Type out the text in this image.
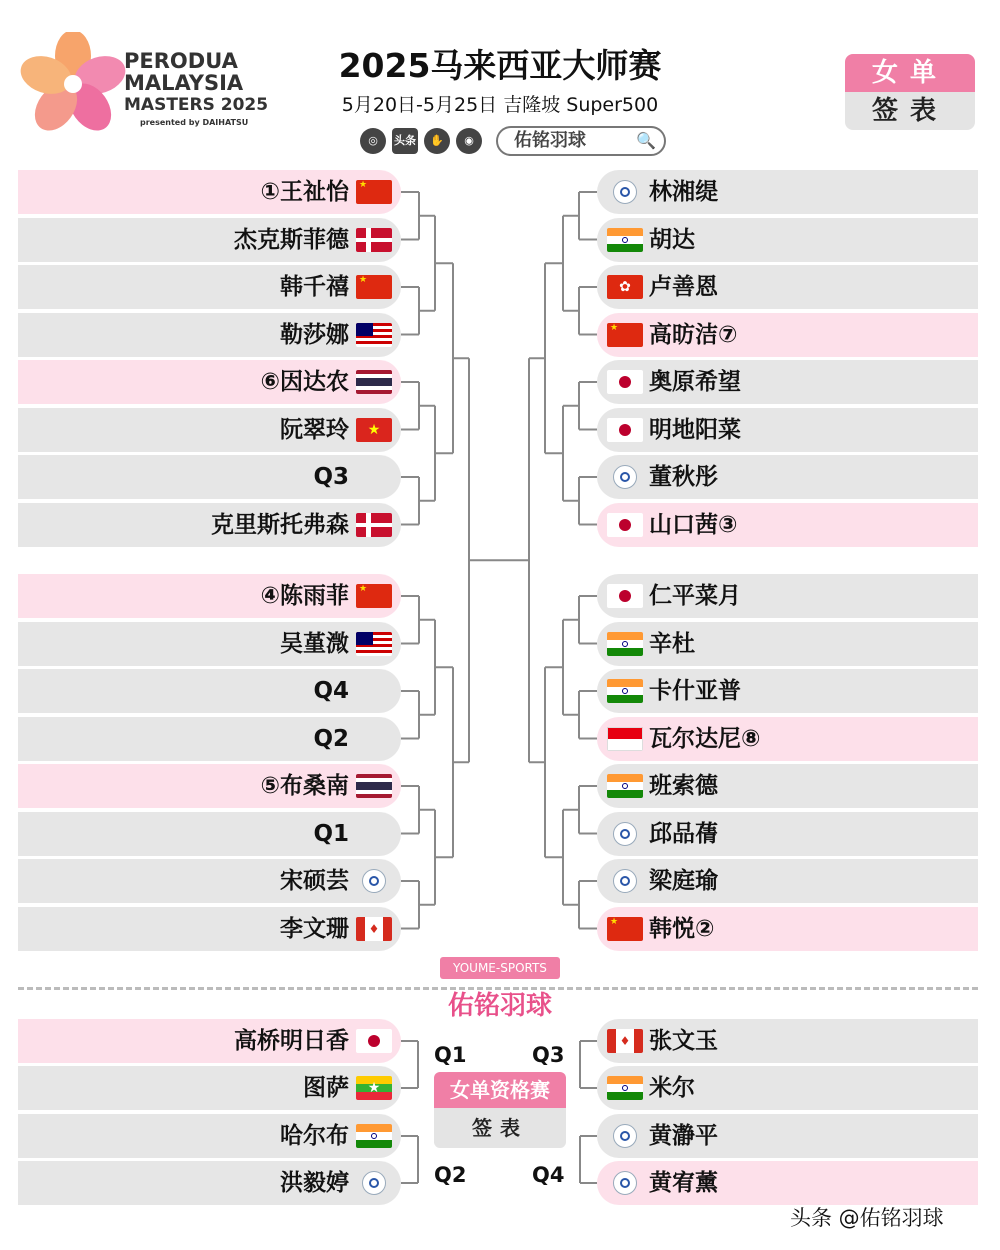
PERODUA
MALAYSIA
MASTERS 2025
presented by DAIHATSU
2025马来西亚大师赛
5月20日-5月25日 吉隆坡 Super500
◎	头条	✋	◉	佑铭羽球	🔍
女单
签表
①王祉怡 ★
杰克斯菲德
韩千禧 ★
勒莎娜
⑥因达农
阮翠玲	★
Q3
克里斯托弗森
④陈雨菲 ★
吴堇溦
Q4
Q2
⑤布桑南
Q1
宋硕芸
李文珊	♦
林湘缇
胡达
卢善恩
✿
高昉洁⑦
★
奥原希望
明地阳菜
董秋彤
山口茜③
仁平菜月
辛杜
卡什亚普
瓦尔达尼⑧
班索德
邱品蒨
梁庭瑜
韩悦②
★
YOUME-SPORTS
佑铭羽球
高桥明日香
图萨	★
哈尔布
洪毅婷
张文玉
♦
米尔
黄瀞平
黄宥薰
女单资格赛
签表
Q1
Q2
Q3
Q4
头条 @佑铭羽球
